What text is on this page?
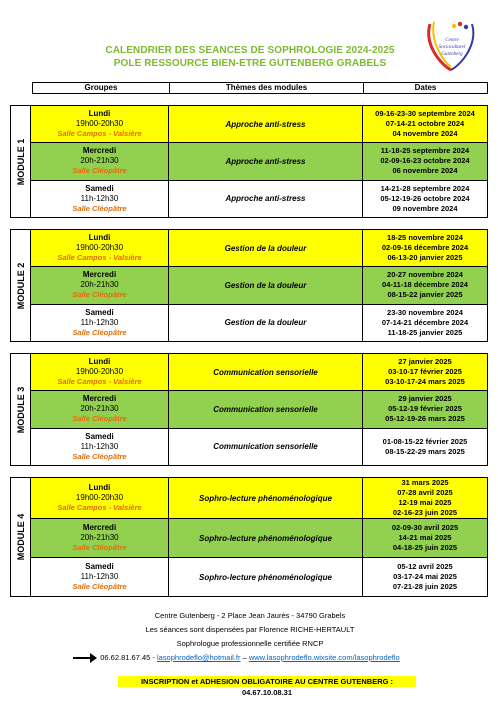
Centre
Socioculturel
Gutenberg
CALENDRIER DES SEANCES DE SOPHROLOGIE 2024-2025
POLE RESSOURCE BIEN-ETRE GUTENBERG GRABELS
Groupes	Thèmes des modules	Dates
MODULE 1
Lundi
19h00-20h30
Salle Campos - Valsière
Approche anti-stress
09-16-23-30 septembre 2024
07-14-21 octobre 2024
04 novembre 2024
Mercredi
20h-21h30
Salle Cléopâtre
Approche anti-stress
11-18-25 septembre 2024
02-09-16-23 octobre 2024
06 novembre 2024
Samedi
11h-12h30
Salle Cléopâtre
Approche anti-stress
14-21-28 septembre 2024
05-12-19-26 octobre 2024
09 novembre 2024
MODULE 2
Lundi
19h00-20h30
Salle Campos - Valsière
Gestion de la douleur
18-25 novembre 2024
02-09-16 décembre 2024
06-13-20 janvier 2025
Mercredi
20h-21h30
Salle Cléopâtre
Gestion de la douleur
20-27 novembre 2024
04-11-18 décembre 2024
08-15-22 janvier 2025
Samedi
11h-12h30
Salle Cléopâtre
Gestion de la douleur
23-30 novembre 2024
07-14-21 décembre 2024
11-18-25 janvier 2025
MODULE 3
Lundi
19h00-20h30
Salle Campos - Valsière
Communication sensorielle
27 janvier 2025
03-10-17 février 2025
03-10-17-24 mars 2025
Mercredi
20h-21h30
Salle Cléopâtre
Communication sensorielle
29 janvier 2025
05-12-19 février 2025
05-12-19-26 mars 2025
Samedi
11h-12h30
Salle Cléopâtre
Communication sensorielle
01-08-15-22 février 2025
08-15-22-29 mars 2025
MODULE 4
Lundi
19h00-20h30
Salle Campos - Valsière
Sophro-lecture phénoménologique
31 mars 2025
07-28 avril 2025
12-19 mai 2025
02-16-23 juin 2025
Mercredi
20h-21h30
Salle Cléopâtre
Sophro-lecture phénoménologique
02-09-30 avril 2025
14-21 mai 2025
04-18-25 juin 2025
Samedi
11h-12h30
Salle Cléopâtre
Sophro-lecture phénoménologique
05-12 avril 2025
03-17-24 mai 2025
07-21-28 juin 2025
Centre Gutenberg - 2 Place Jean Jaurès - 34790 Grabels
Les séances sont dispensées par Florence RICHE-HERTAULT
Sophrologue professionnelle certifiée RNCP
06.62.81.67.45 - lasophrodeflo@hotmail.fr – www.lasophrodeflo.wixsite.com/lasophrodeflo
INSCRIPTION et ADHESION OBLIGATOIRE AU CENTRE GUTENBERG : 04.67.10.08.31
